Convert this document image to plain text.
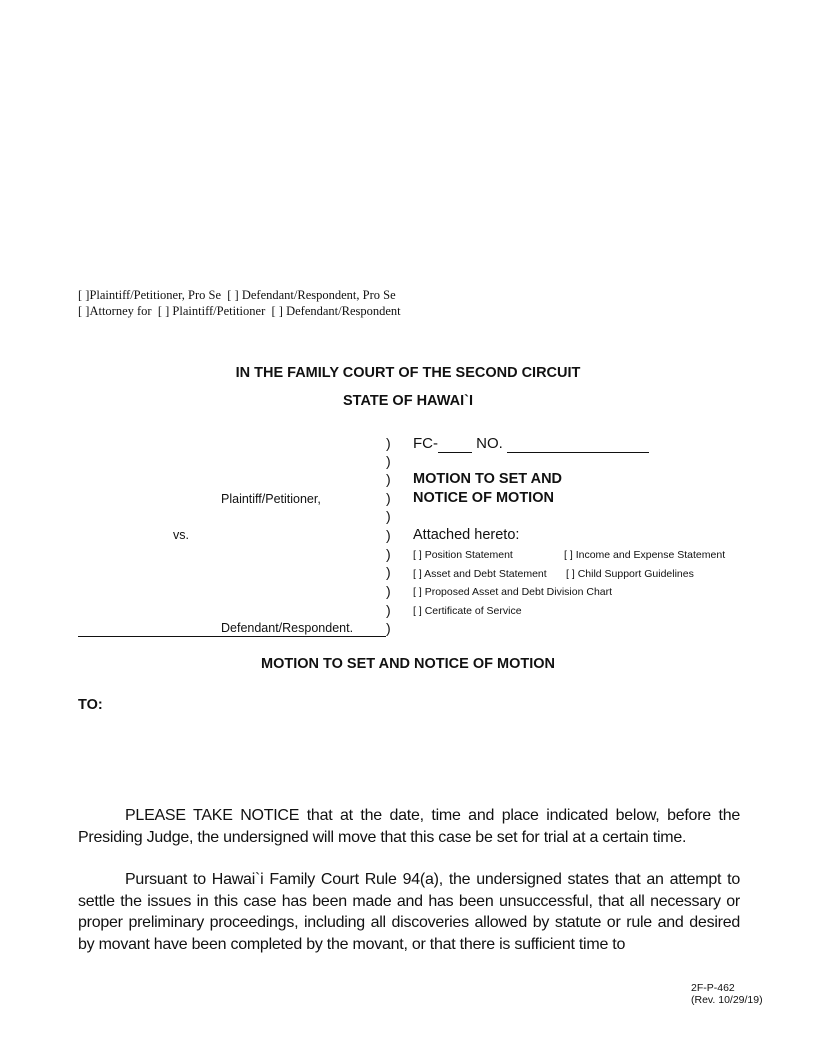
[ ]Plaintiff/Petitioner, Pro Se [ ] Defendant/Respondent, Pro Se
[ ]Attorney for [ ] Plaintiff/Petitioner [ ] Defendant/Respondent
IN THE FAMILY COURT OF THE SECOND CIRCUIT
STATE OF HAWAI`I
)
)
)
)
)
)
)
)
)
)
)
Plaintiff/Petitioner,
vs.
Defendant/Respondent.
FC-	NO.
MOTION TO SET AND
NOTICE OF MOTION
Attached hereto:
[ ] Position Statement	[ ] Income and Expense Statement
[ ] Asset and Debt Statement [ ] Child Support Guidelines
[ ] Proposed Asset and Debt Division Chart
[ ] Certificate of Service
MOTION TO SET AND NOTICE OF MOTION
TO:
PLEASE TAKE NOTICE that at the date, time and place indicated below, before the Presiding Judge, the undersigned will move that this case be set for trial at a certain time.
Pursuant to Hawai`i Family Court Rule 94(a), the undersigned states that an attempt to settle the issues in this case has been made and has been unsuccessful, that all necessary or proper preliminary proceedings, including all discoveries allowed by statute or rule and desired by movant have been completed by the movant, or that there is sufficient time to
2F-P-462
(Rev. 10/29/19)
